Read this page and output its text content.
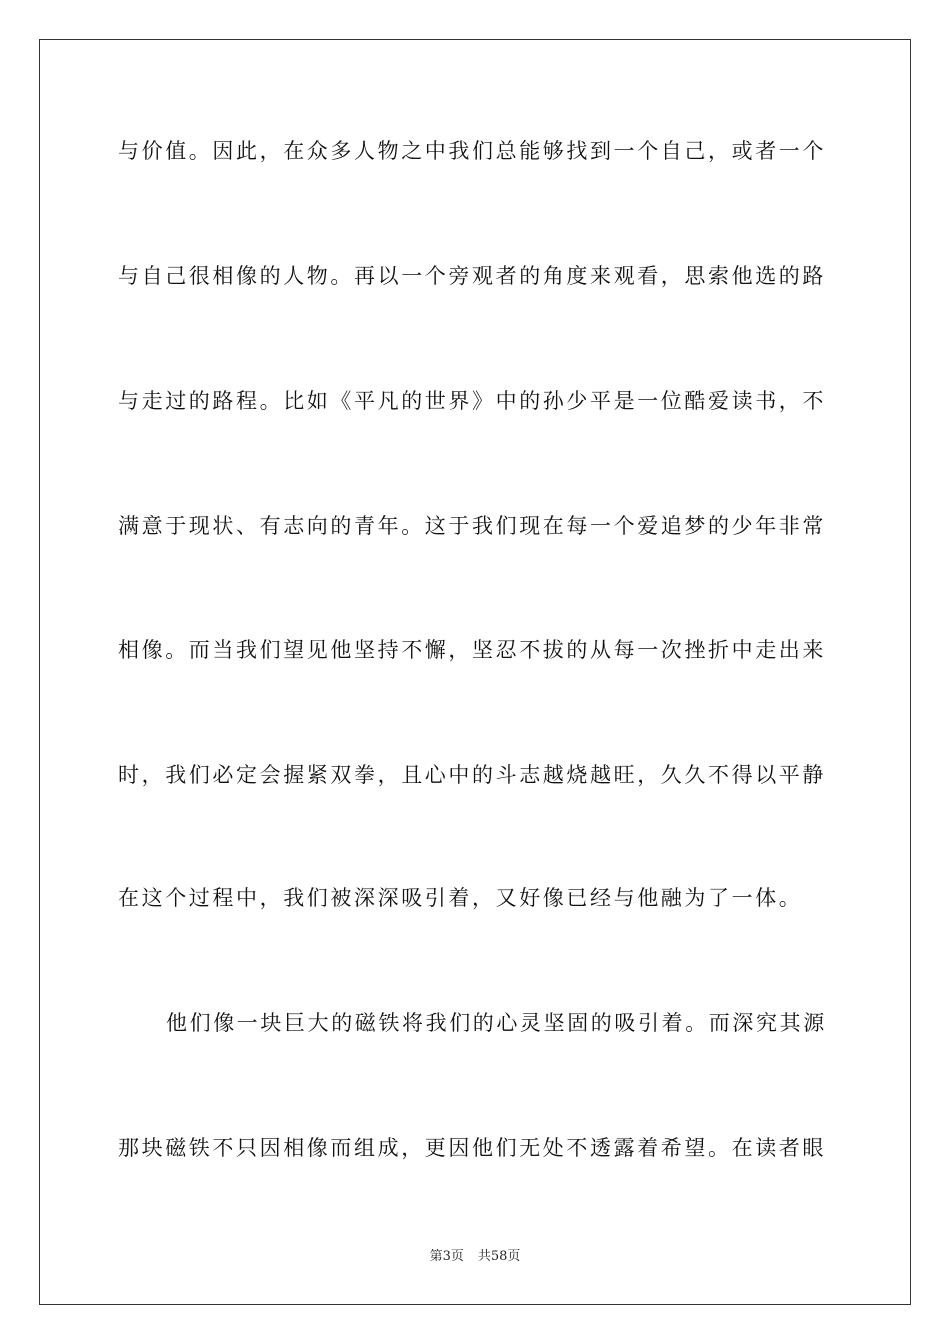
与价值。因此，在众多人物之中我们总能够找到一个自己，或者一个
与自己很相像的人物。再以一个旁观者的角度来观看，思索他选的路
与走过的路程。比如《平凡的世界》中的孙少平是一位酷爱读书，不
满意于现状、有志向的青年。这于我们现在每一个爱追梦的少年非常
相像。而当我们望见他坚持不懈，坚忍不拔的从每一次挫折中走出来
时，我们必定会握紧双拳，且心中的斗志越烧越旺，久久不得以平静
在这个过程中，我们被深深吸引着，又好像已经与他融为了一体。
他们像一块巨大的磁铁将我们的心灵坚固的吸引着。而深究其源
那块磁铁不只因相像而组成，更因他们无处不透露着希望。在读者眼
第3页 共58页
